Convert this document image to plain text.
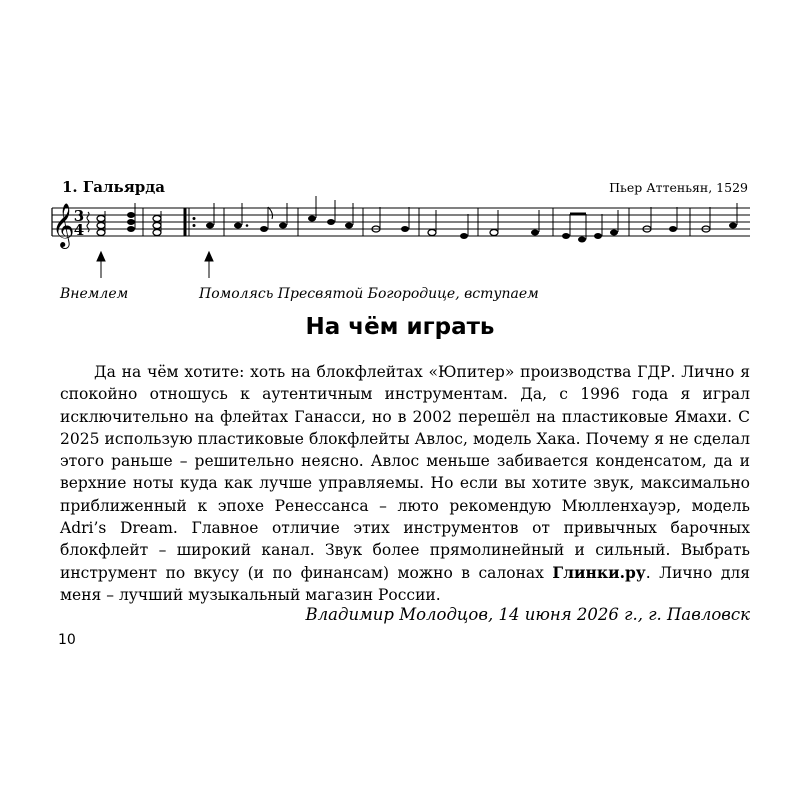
1. Гальярда	Пьер Аттеньян, 1529

𝄞 3
4

Внемлем	Помолясь Пресвятой Богородице, вступаем

На чём играть

Да на чём хотите: хоть на блокфлейтах «Юпитер» производства ГДР. Лично я спокойно отношусь к аутентичным инструментам. Да, с 1996 года я играл исключительно на флейтах Ганасси, но в 2002 перешёл на пластиковые Ямахи. С 2025 использую пластиковые блокфлейты Авлос, модель Хака. Почему я не сделал этого раньше – решительно неясно. Авлос меньше забивается конденсатом, да и верхние ноты куда как лучше управляемы. Но если вы хотите звук, максимально приближенный к эпохе Ренессанса – люто рекомендую Мюлленхауэр, модель Adri’s Dream. Главное отличие этих инструментов от привычных барочных блокфлейт – широкий канал. Звук более прямолинейный и сильный. Выбрать инструмент по вкусу (и по финансам) можно в салонах Глинки.ру. Лично для меня – лучший музыкальный магазин России.

Владимир Молодцов, 14 июня 2026 г., г. Павловск

10
